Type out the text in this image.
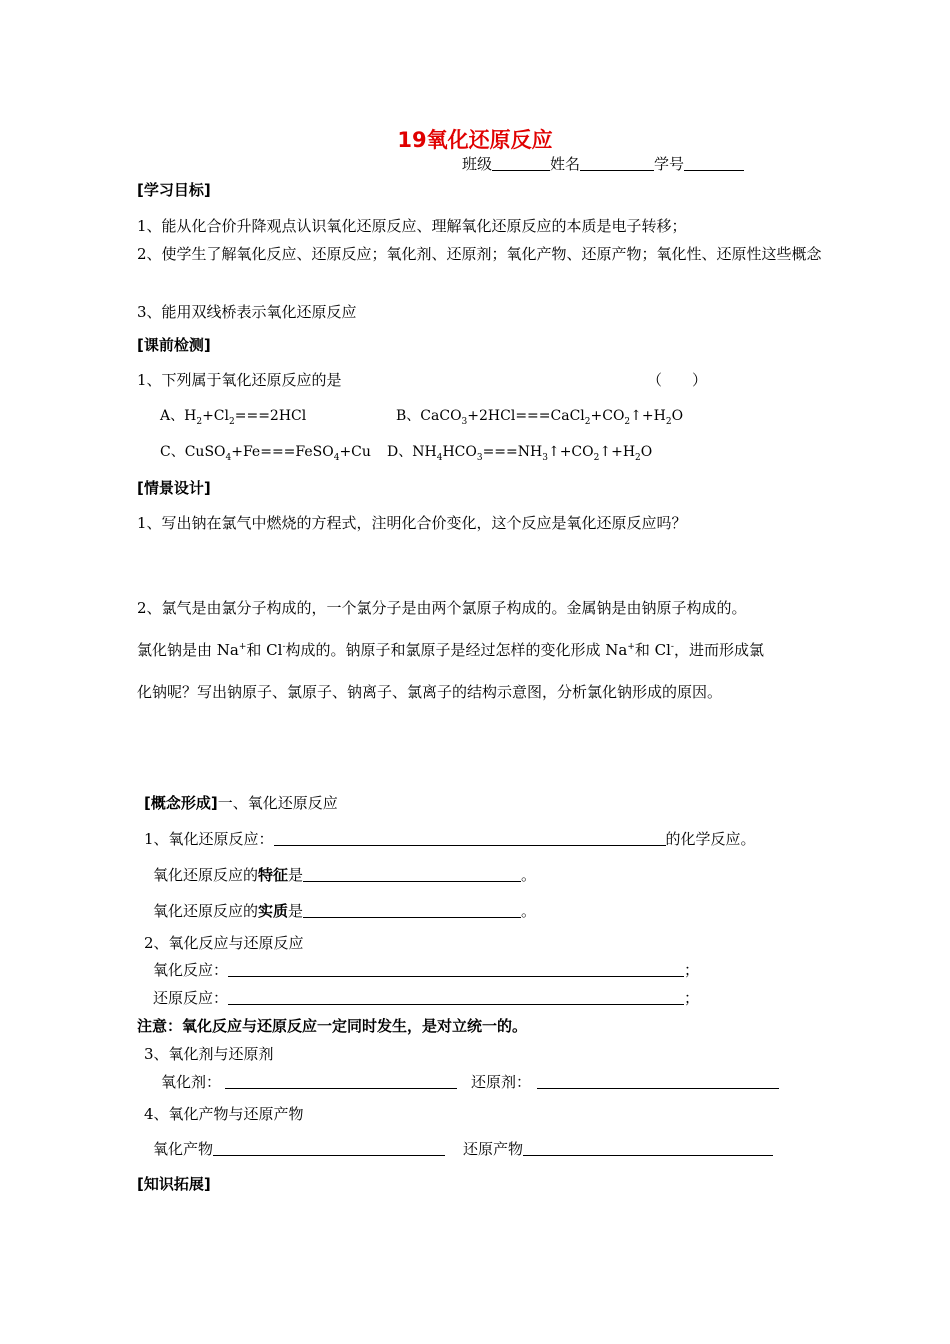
19氧化还原反应
班级	姓名	学号
[学习目标]
1、能从化合价升降观点认识氧化还原反应、理解氧化还原反应的本质是电子转移；
2、使学生了解氧化反应、还原反应；氧化剂、还原剂；氧化产物、还原产物；氧化性、还原性这些概念
3、能用双线桥表示氧化还原反应
[课前检测]
1、下列属于氧化还原反应的是	（　　）
A、$H_2+Cl_2===2HCl$	B、$CaCO_3+2HCl===CaCl_2+CO_2↑+H_2O$
C、CuSO$_4$+Fe===FeSO$_4$+Cu D、$NH_4HCO_3===NH_3↑+CO_2↑+H_2O$
[情景设计]
1、写出钠在氯气中燃烧的方程式，注明化合价变化，这个反应是氧化还原反应吗？
2、氯气是由氯分子构成的，一个氯分子是由两个氯原子构成的。金属钠是由钠原子构成的。
氯化钠是由 Na+和 Cl-构成的。钠原子和氯原子是经过怎样的变化形成 Na+和 Cl-，进而形成氯
化钠呢？写出钠原子、氯原子、钠离子、氯离子的结构示意图，分析氯化钠形成的原因。
[概念形成]一、氧化还原反应
1、氧化还原反应：	的化学反应。
氧化还原反应的特征是	。
氧化还原反应的实质是	。
2、氧化反应与还原反应
氧化反应：	；
还原反应：	；
注意：氧化反应与还原反应一定同时发生，是对立统一的。
3、氧化剂与还原剂
氧化剂：	还原剂：
4、氧化产物与还原产物
氧化产物	还原产物
[知识拓展]
